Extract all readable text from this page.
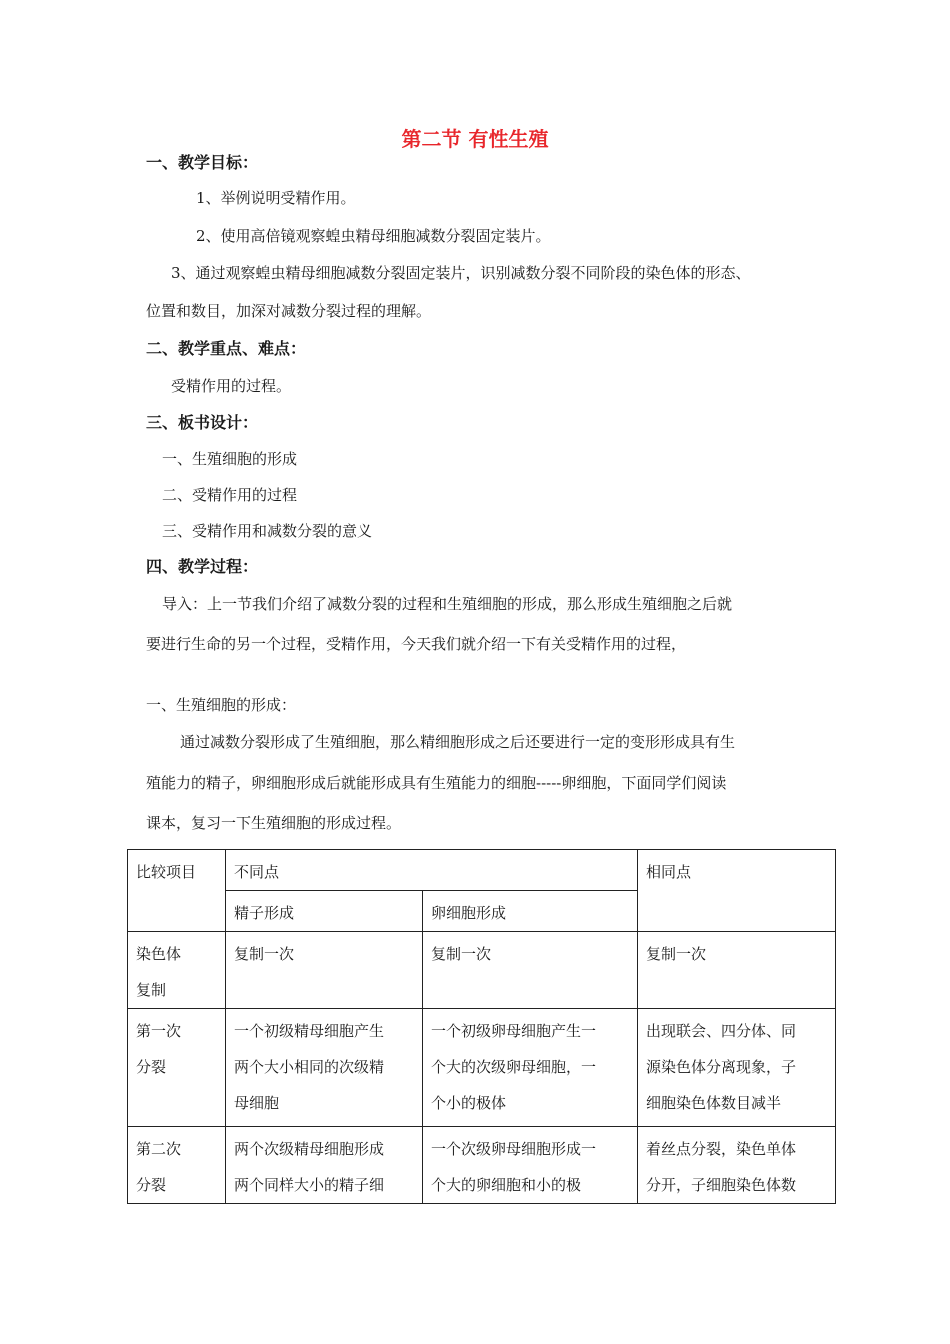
第二节 有性生殖
一、教学目标：
1、举例说明受精作用。
2、使用高倍镜观察蝗虫精母细胞减数分裂固定装片。
3、通过观察蝗虫精母细胞减数分裂固定装片，识别减数分裂不同阶段的染色体的形态、
位置和数目，加深对减数分裂过程的理解。
二、教学重点、难点：
受精作用的过程。
三、板书设计：
一、生殖细胞的形成
二、受精作用的过程
三、受精作用和减数分裂的意义
四、教学过程：
导入：上一节我们介绍了减数分裂的过程和生殖细胞的形成，那么形成生殖细胞之后就
要进行生命的另一个过程，受精作用，今天我们就介绍一下有关受精作用的过程，
一、生殖细胞的形成：
通过减数分裂形成了生殖细胞，那么精细胞形成之后还要进行一定的变形形成具有生
殖能力的精子，卵细胞形成后就能形成具有生殖能力的细胞-----卵细胞，下面同学们阅读
课本，复习一下生殖细胞的形成过程。
比较项目	不同点		相同点

	精子形成	卵细胞形成	

染色体
复制	复制一次	复制一次	复制一次

第一次
分裂	一个初级精母细胞产生
两个大小相同的次级精
母细胞	一个初级卵母细胞产生一
个大的次级卵母细胞，一
个小的极体	出现联会、四分体、同
源染色体分离现象，子
细胞染色体数目减半

第二次
分裂	两个次级精母细胞形成
两个同样大小的精子细	一个次级卵母细胞形成一
个大的卵细胞和小的极	着丝点分裂，染色单体
分开，子细胞染色体数
